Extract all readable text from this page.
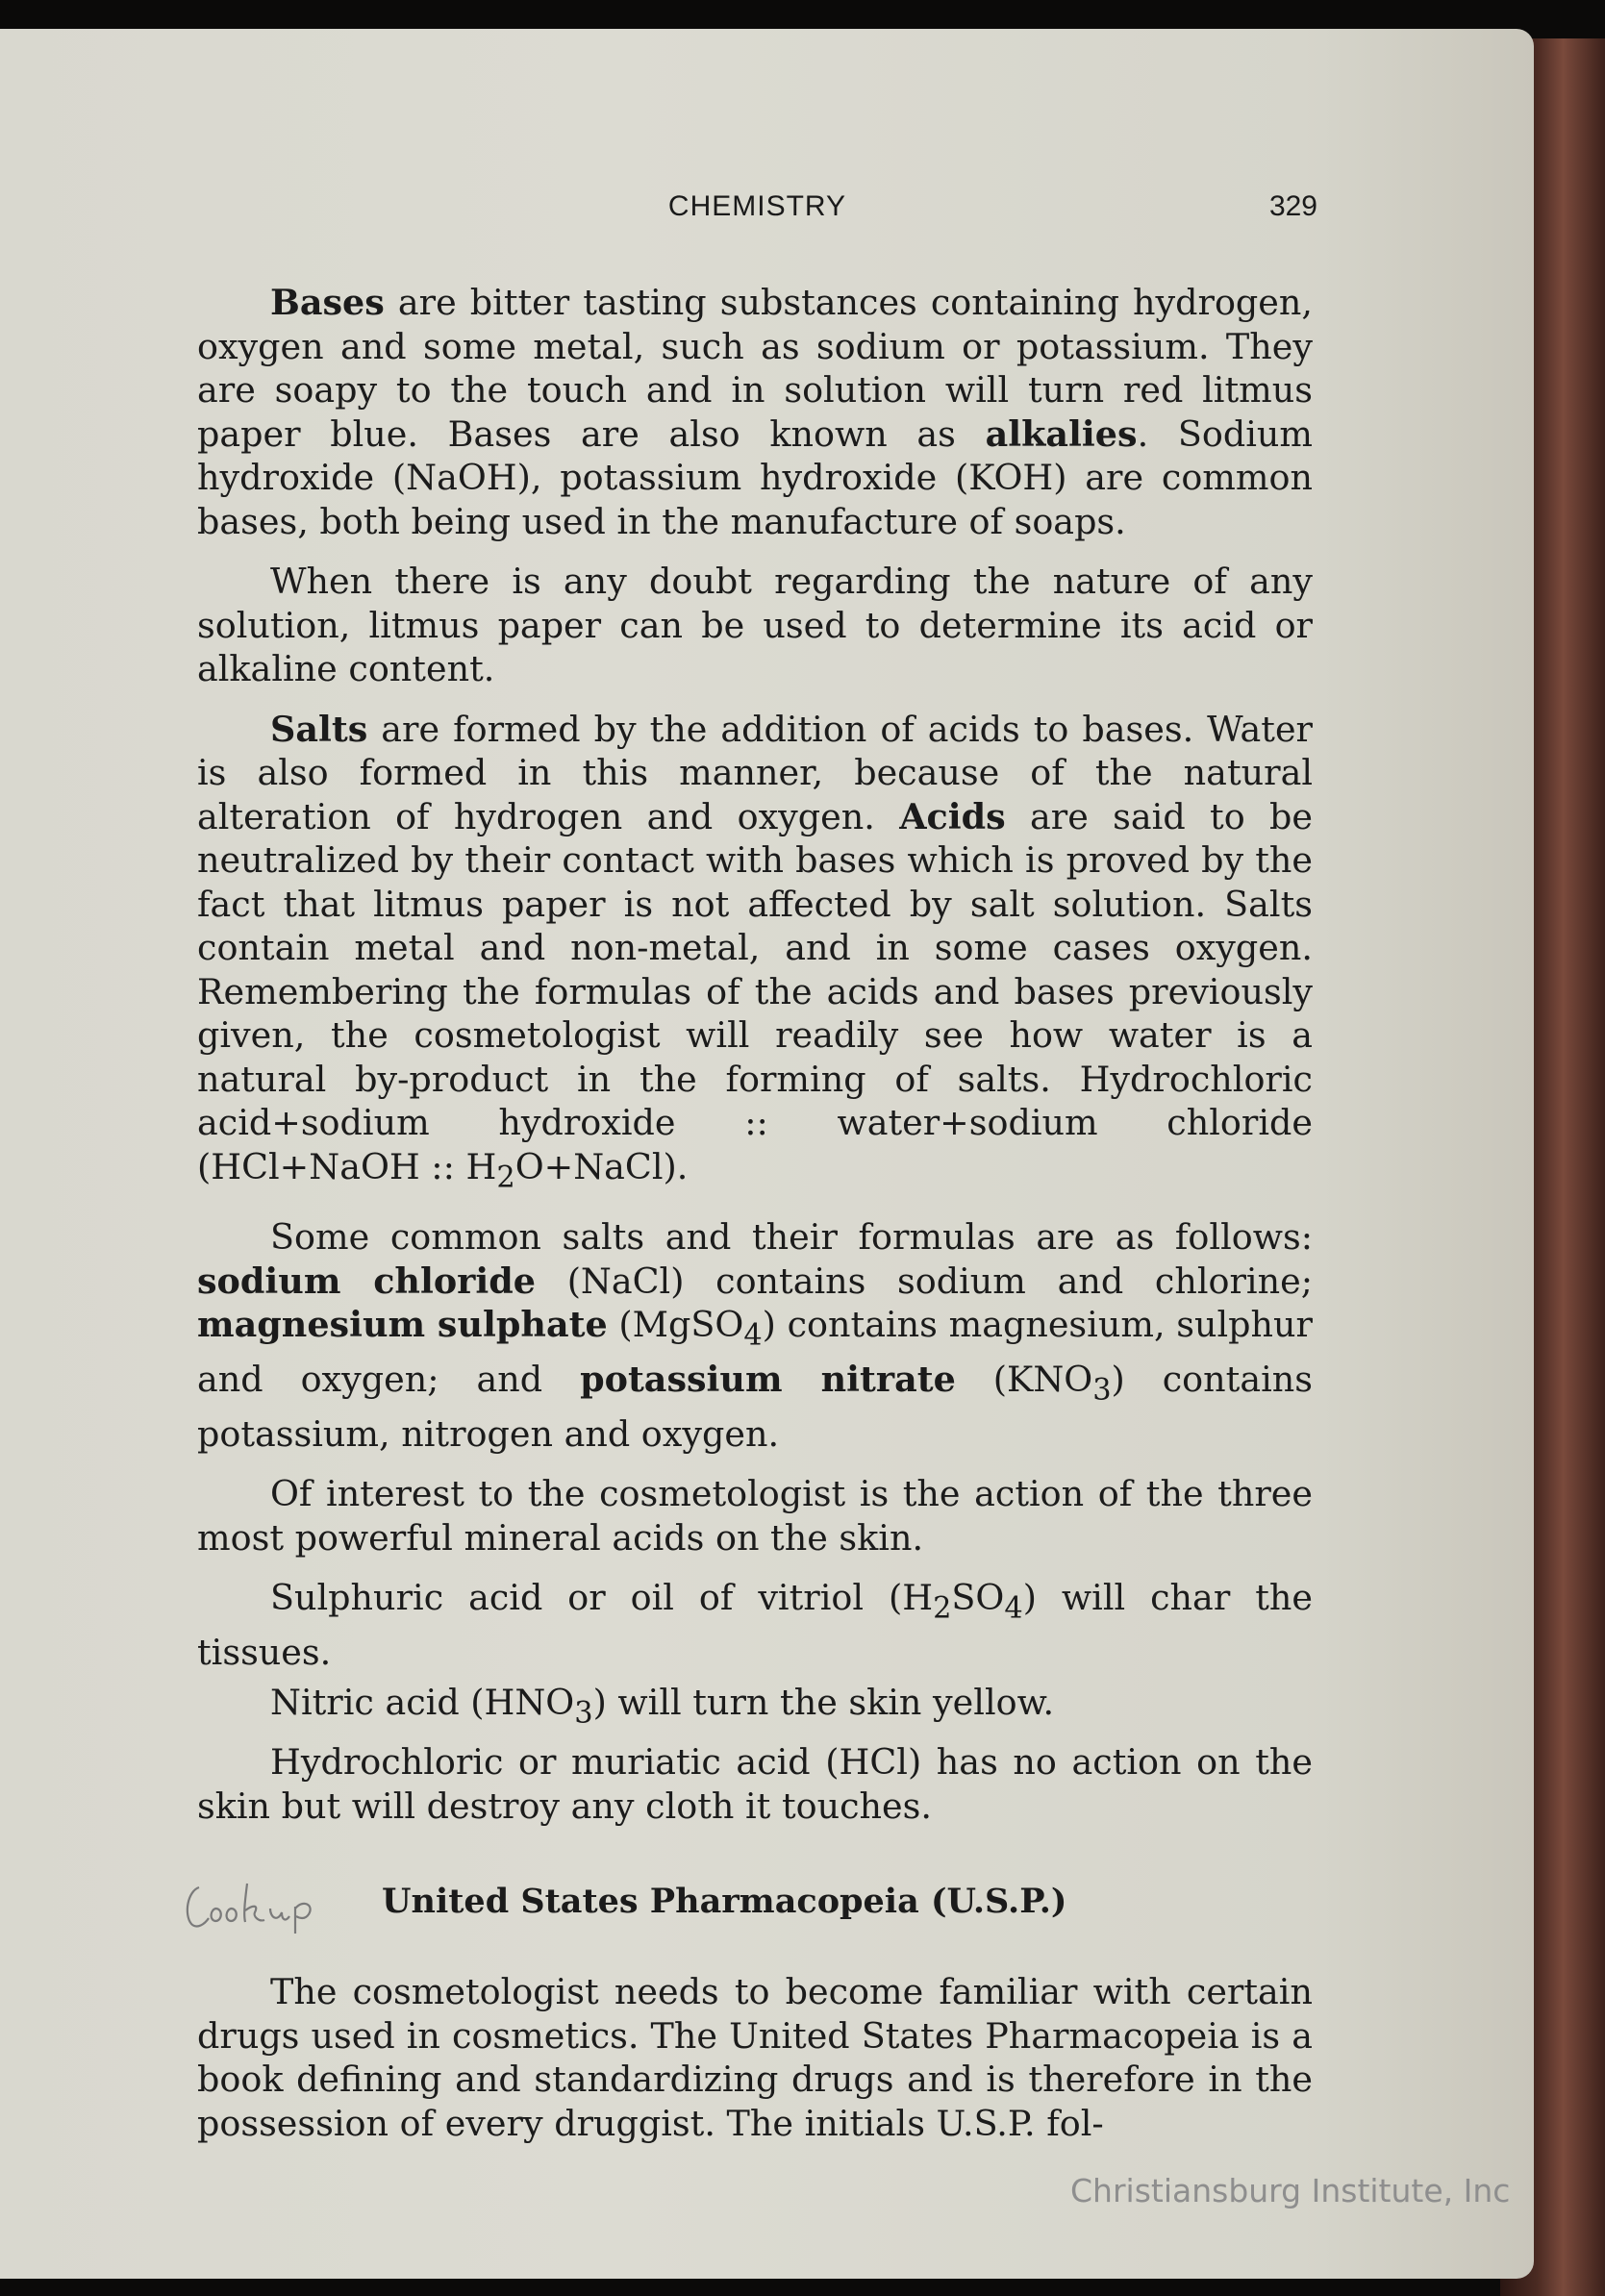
CHEMISTRY	329

Bases are bitter tasting substances containing hydrogen, oxygen and some metal, such as sodium or potassium. They are soapy to the touch and in solution will turn red litmus paper blue. Bases are also known as alkalies. Sodium hydroxide (NaOH), potassium hydroxide (KOH) are common bases, both being used in the manufacture of soaps.

When there is any doubt regarding the nature of any solution, litmus paper can be used to determine its acid or alkaline content.

Salts are formed by the addition of acids to bases. Water is also formed in this manner, because of the natural alteration of hydrogen and oxygen. Acids are said to be neutralized by their contact with bases which is proved by the fact that litmus paper is not affected by salt solution. Salts contain metal and non-metal, and in some cases oxygen. Remembering the formulas of the acids and bases previously given, the cosmetologist will readily see how water is a natural by-product in the forming of salts. Hydrochloric acid+sodium hydroxide :: water+sodium chloride (HCl+NaOH :: $H_2O+NaCl$).

Some common salts and their formulas are as follows: sodium chloride (NaCl) contains sodium and chlorine; magnesium sulphate (MgSO$_4$) contains magnesium, sulphur and oxygen; and potassium nitrate $(KNO_3)$ contains potassium, nitrogen and oxygen.

Of interest to the cosmetologist is the action of the three most powerful mineral acids on the skin.

Sulphuric acid or oil of vitriol $(H_2SO_4)$ will char the tissues.

Nitric acid $(HNO_3)$ will turn the skin yellow.

Hydrochloric or muriatic acid (HCl) has no action on the skin but will destroy any cloth it touches.

United States Pharmacopeia (U.S.P.)

The cosmetologist needs to become familiar with certain drugs used in cosmetics. The United States Pharmacopeia is a book defining and standardizing drugs and is therefore in the possession of every druggist. The initials U.S.P. fol-

Christiansburg Institute, Inc
